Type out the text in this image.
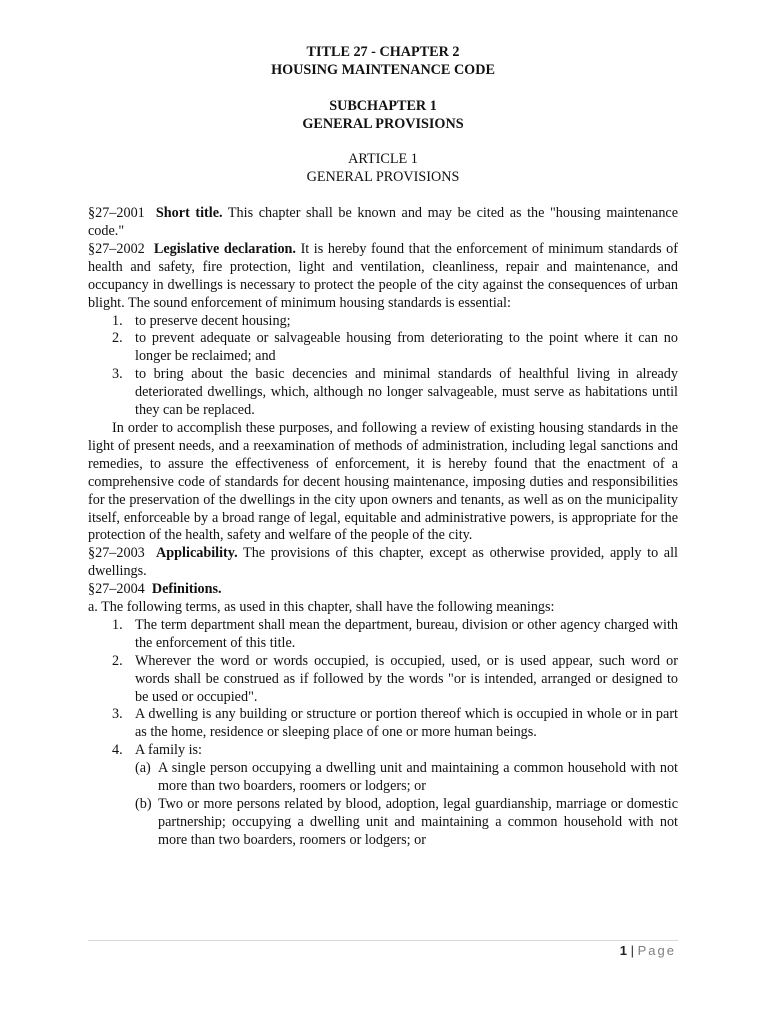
TITLE 27 - CHAPTER 2
HOUSING MAINTENANCE CODE
SUBCHAPTER 1
GENERAL PROVISIONS
ARTICLE 1
GENERAL PROVISIONS

§27–2001 Short title. This chapter shall be known and may be cited as the "housing maintenance code."

§27–2002 Legislative declaration. It is hereby found that the enforcement of minimum standards of health and safety, fire protection, light and ventilation, cleanliness, repair and maintenance, and occupancy in dwellings is necessary to protect the people of the city against the consequences of urban blight. The sound enforcement of minimum housing standards is essential:

1. to preserve decent housing;
2. to prevent adequate or salvageable housing from deteriorating to the point where it can no longer be reclaimed; and
3. to bring about the basic decencies and minimal standards of healthful living in already deteriorated dwellings, which, although no longer salvageable, must serve as habitations until they can be replaced.

In order to accomplish these purposes, and following a review of existing housing standards in the light of present needs, and a reexamination of methods of administration, including legal sanctions and remedies, to assure the effectiveness of enforcement, it is hereby found that the enactment of a comprehensive code of standards for decent housing maintenance, imposing duties and responsibilities for the preservation of the dwellings in the city upon owners and tenants, as well as on the municipality itself, enforceable by a broad range of legal, equitable and administrative powers, is appropriate for the protection of the health, safety and welfare of the people of the city.

§27–2003 Applicability. The provisions of this chapter, except as otherwise provided, apply to all dwellings.

§27–2004 Definitions.

a. The following terms, as used in this chapter, shall have the following meanings:

1. The term department shall mean the department, bureau, division or other agency charged with the enforcement of this title.
2. Wherever the word or words occupied, is occupied, used, or is used appear, such word or words shall be construed as if followed by the words "or is intended, arranged or designed to be used or occupied".
3. A dwelling is any building or structure or portion thereof which is occupied in whole or in part as the home, residence or sleeping place of one or more human beings.
4. A family is:
(a) A single person occupying a dwelling unit and maintaining a common household with not more than two boarders, roomers or lodgers; or
(b) Two or more persons related by blood, adoption, legal guardianship, marriage or domestic partnership; occupying a dwelling unit and maintaining a common household with not more than two boarders, roomers or lodgers; or
1 | Page
